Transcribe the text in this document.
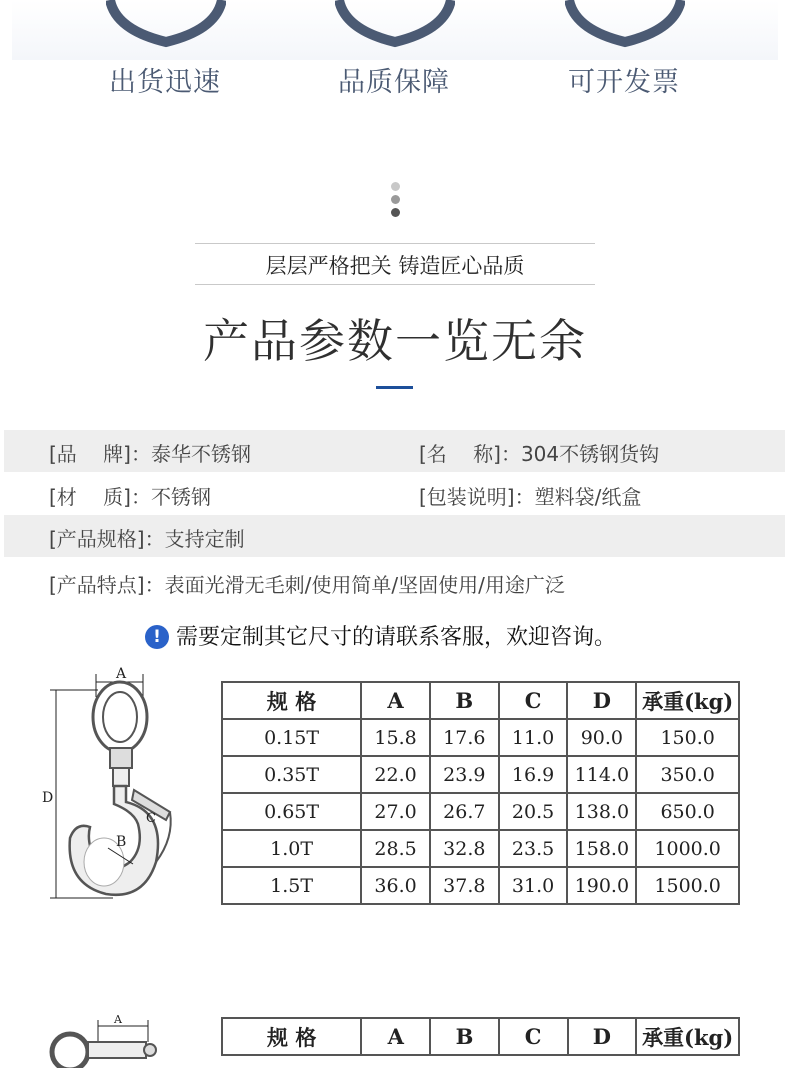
出货迅速	品质保障	可开发票
层层严格把关 铸造匠心品质
产品参数一览无余
[品　 牌]：泰华不锈钢	[名　 称]：304不锈钢货钩
[材　 质]：不锈钢	[包装说明]：塑料袋/纸盒
[产品规格]：支持定制
[产品特点]：表面光滑无毛刺/使用简单/坚固使用/用途广泛
! 需要定制其它尺寸的请联系客服，欢迎咨询。
A
D
C
B
规 格	A	B	C	D	承重(kg)
0.15T	15.8	17.6	11.0	90.0	150.0
0.35T	22.0	23.9	16.9	114.0	350.0
0.65T	27.0	26.7	20.5	138.0	650.0
1.0T	28.5	32.8	23.5	158.0	1000.0
1.5T	36.0	37.8	31.0	190.0	1500.0
A
规 格	A	B	C	D	承重(kg)
